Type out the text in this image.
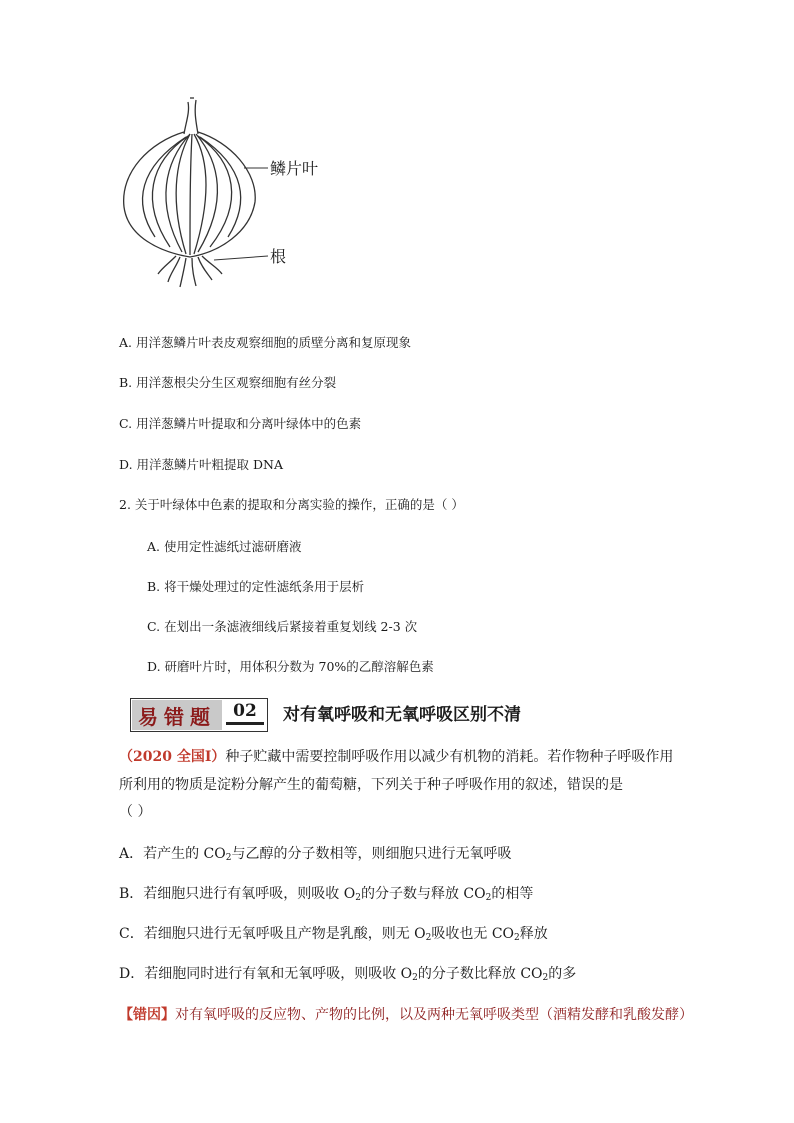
鳞片叶
根
A. 用洋葱鳞片叶表皮观察细胞的质壁分离和复原现象
B. 用洋葱根尖分生区观察细胞有丝分裂
C. 用洋葱鳞片叶提取和分离叶绿体中的色素
D. 用洋葱鳞片叶粗提取 DNA
2. 关于叶绿体中色素的提取和分离实验的操作，正确的是（ ）
A. 使用定性滤纸过滤研磨液
B. 将干燥处理过的定性滤纸条用于层析
C. 在划出一条滤液细线后紧接着重复划线 2-3 次
D. 研磨叶片时，用体积分数为 70%的乙醇溶解色素
易错题	02	对有氧呼吸和无氧呼吸区别不清
（2020 全国Ⅰ）种子贮藏中需要控制呼吸作用以减少有机物的消耗。若作物种子呼吸作用
所利用的物质是淀粉分解产生的葡萄糖，下列关于种子呼吸作用的叙述，错误的是
（ ）
A．若产生的 $CO_2$与乙醇的分子数相等，则细胞只进行无氧呼吸
B．若细胞只进行有氧呼吸，则吸收 $O_2$的分子数与释放 $CO_2$的相等
C．若细胞只进行无氧呼吸且产物是乳酸，则无 $O_2$吸收也无 $CO_2$释放
D．若细胞同时进行有氧和无氧呼吸，则吸收 $O_2$的分子数比释放 $CO_2$的多
【错因】对有氧呼吸的反应物、产物的比例，以及两种无氧呼吸类型（酒精发酵和乳酸发酵）
